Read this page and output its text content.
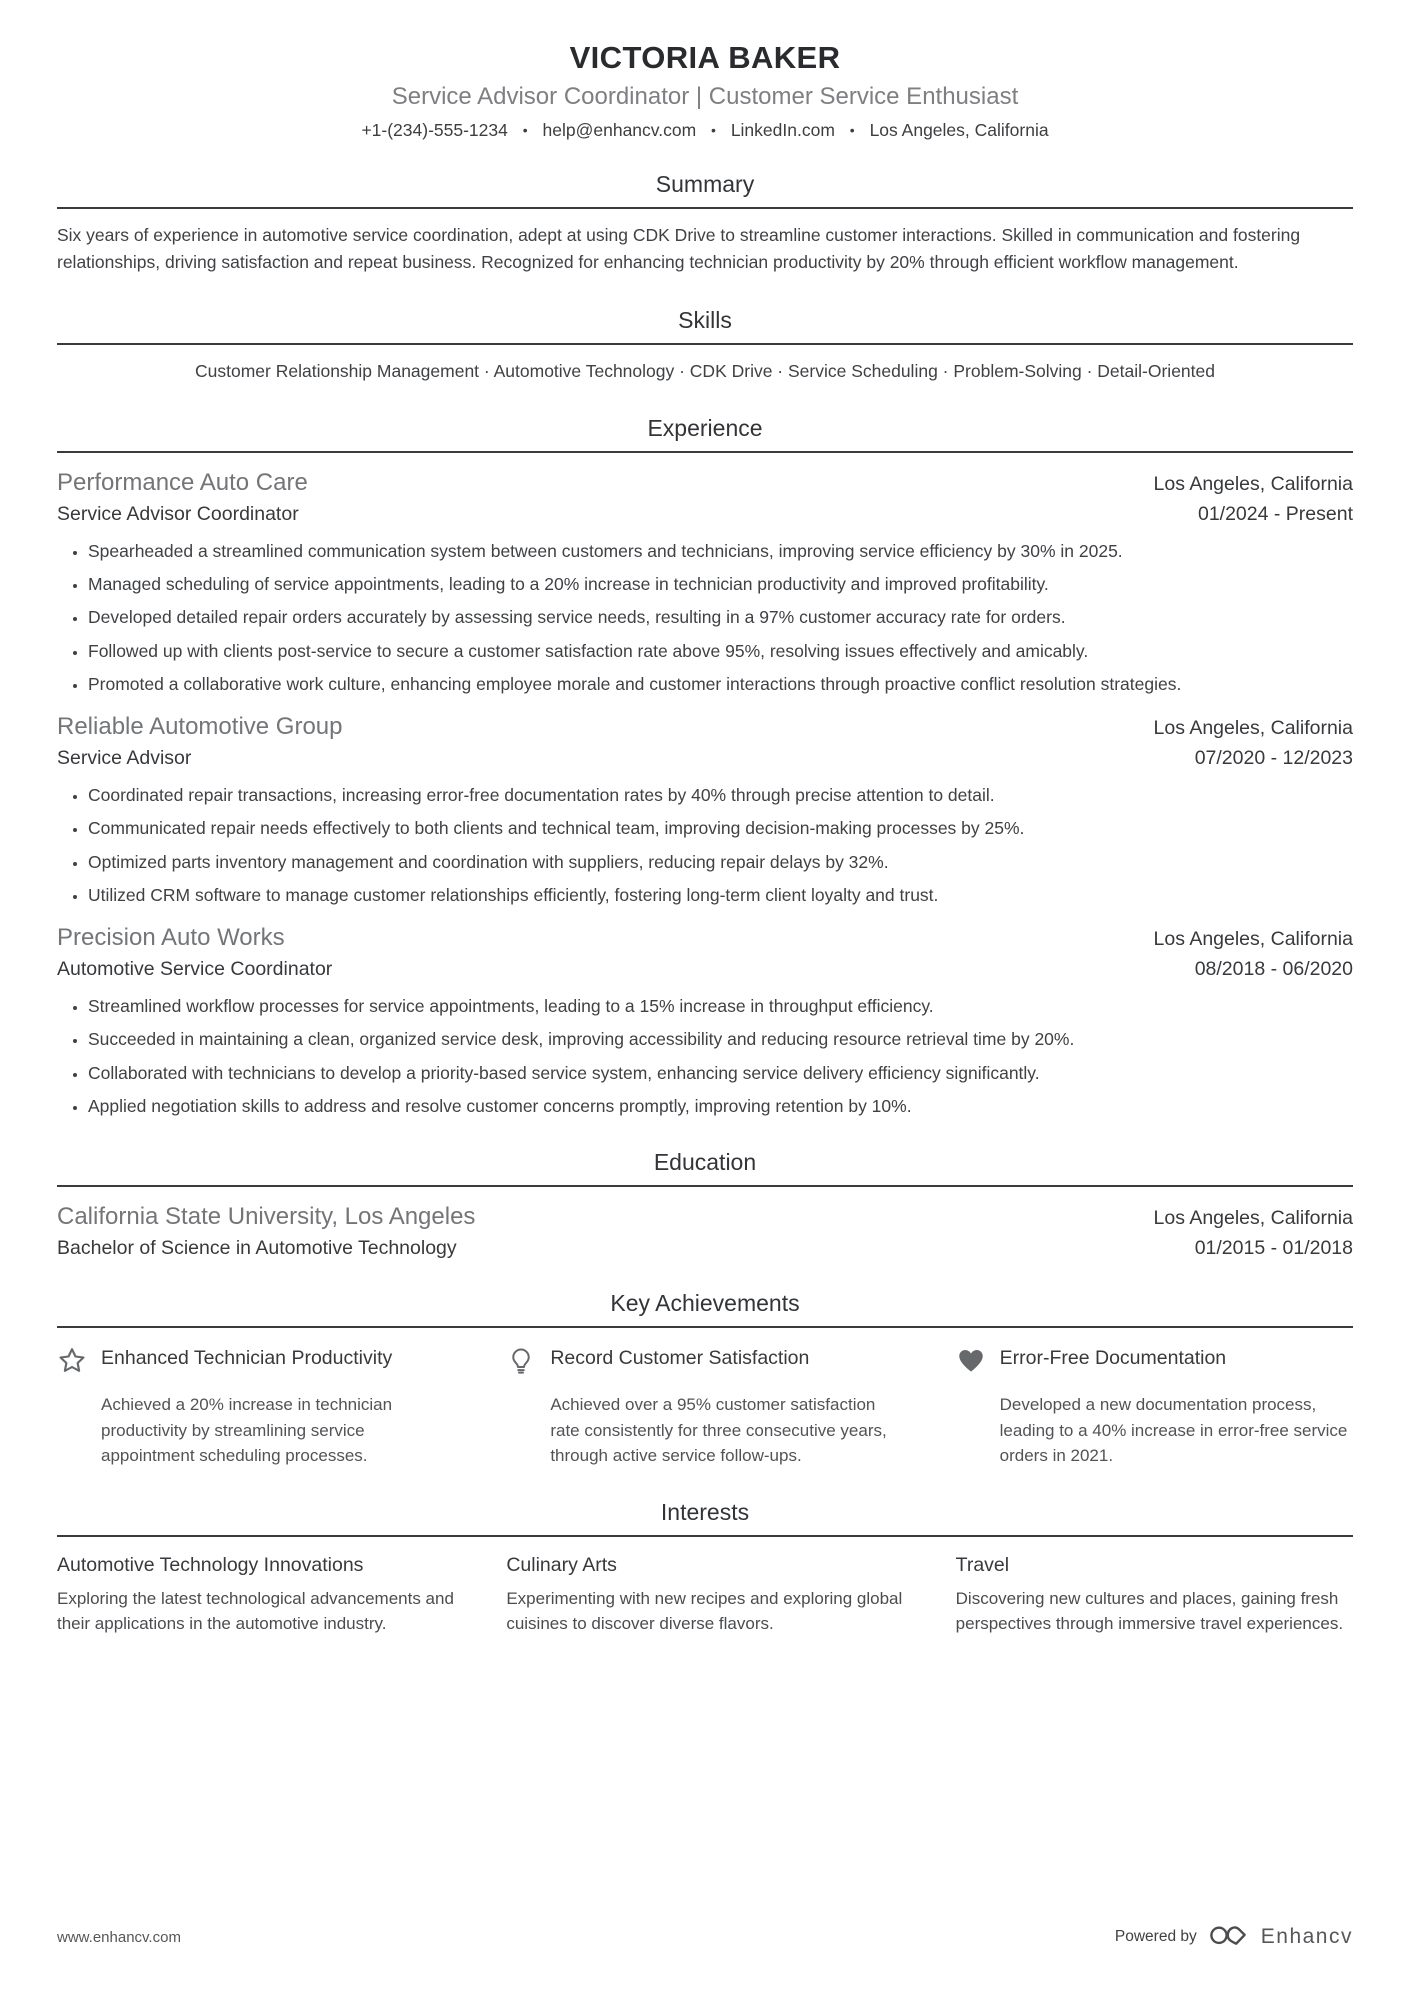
VICTORIA BAKER
Service Advisor Coordinator | Customer Service Enthusiast
+1-(234)-555-1234 • help@enhancv.com • LinkedIn.com • Los Angeles, California
Summary

Six years of experience in automotive service coordination, adept at using CDK Drive to streamline customer interactions. Skilled in communication and fostering relationships, driving satisfaction and repeat business. Recognized for enhancing technician productivity by 20% through efficient workflow management.

Skills

Customer Relationship Management · Automotive Technology · CDK Drive · Service Scheduling · Problem-Solving · Detail-Oriented

Experience
Performance Auto Care	Los Angeles, California
Service Advisor Coordinator	01/2024 - Present
• Spearheaded a streamlined communication system between customers and technicians, improving service efficiency by 30% in 2025.
• Managed scheduling of service appointments, leading to a 20% increase in technician productivity and improved profitability.
• Developed detailed repair orders accurately by assessing service needs, resulting in a 97% customer accuracy rate for orders.
• Followed up with clients post-service to secure a customer satisfaction rate above 95%, resolving issues effectively and amicably.
• Promoted a collaborative work culture, enhancing employee morale and customer interactions through proactive conflict resolution strategies.
Reliable Automotive Group	Los Angeles, California
Service Advisor	07/2020 - 12/2023
• Coordinated repair transactions, increasing error-free documentation rates by 40% through precise attention to detail.
• Communicated repair needs effectively to both clients and technical team, improving decision-making processes by 25%.
• Optimized parts inventory management and coordination with suppliers, reducing repair delays by 32%.
• Utilized CRM software to manage customer relationships efficiently, fostering long-term client loyalty and trust.
Precision Auto Works	Los Angeles, California
Automotive Service Coordinator	08/2018 - 06/2020
• Streamlined workflow processes for service appointments, leading to a 15% increase in throughput efficiency.
• Succeeded in maintaining a clean, organized service desk, improving accessibility and reducing resource retrieval time by 20%.
• Collaborated with technicians to develop a priority-based service system, enhancing service delivery efficiency significantly.
• Applied negotiation skills to address and resolve customer concerns promptly, improving retention by 10%.
Education
California State University, Los Angeles	Los Angeles, California
Bachelor of Science in Automotive Technology	01/2015 - 01/2018
Key Achievements
Enhanced Technician Productivity
Achieved a 20% increase in technician productivity by streamlining service appointment scheduling processes.
Record Customer Satisfaction
Achieved over a 95% customer satisfaction rate consistently for three consecutive years, through active service follow-ups.
Error-Free Documentation
Developed a new documentation process, leading to a 40% increase in error-free service orders in 2021.
Interests
Automotive Technology Innovations
Exploring the latest technological advancements and their applications in the automotive industry.
Culinary Arts
Experimenting with new recipes and exploring global cuisines to discover diverse flavors.
Travel
Discovering new cultures and places, gaining fresh perspectives through immersive travel experiences.
www.enhancv.com	Powered by	Enhancv
